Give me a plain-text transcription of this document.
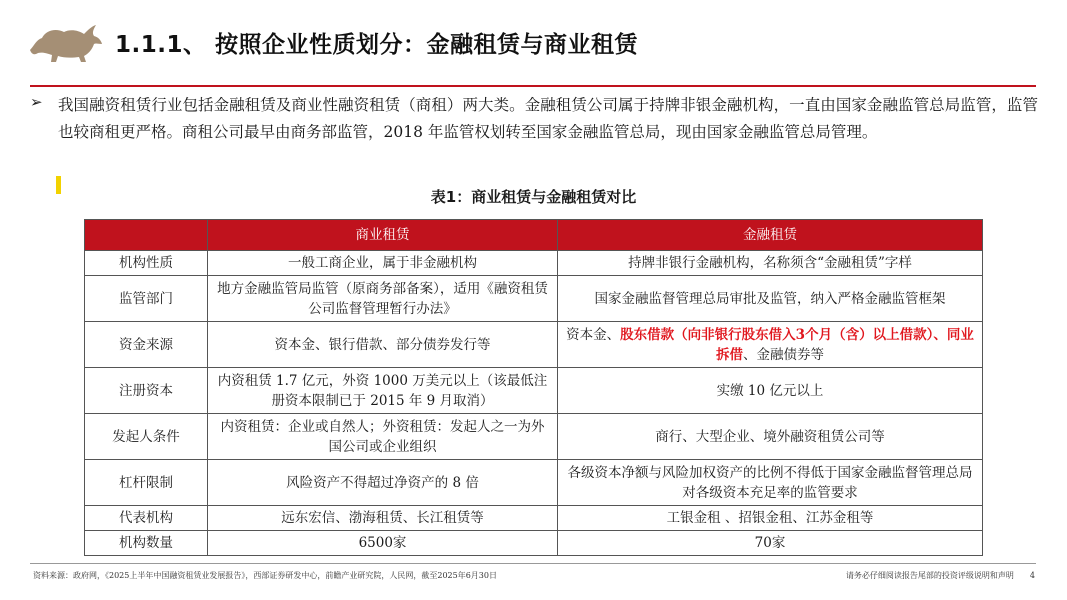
1.1.1、 按照企业性质划分：金融租赁与商业租赁
➢ 我国融资租赁行业包括金融租赁及商业性融资租赁（商租）两大类。金融租赁公司属于持牌非银金融机构，一直由国家金融监管总局监管，监管也较商租更严格。商租公司最早由商务部监管，2018 年监管权划转至国家金融监管总局，现由国家金融监管总局管理。
表1：商业租赁与金融租赁对比
	商业租赁	金融租赁
机构性质	一般工商企业，属于非金融机构	持牌非银行金融机构，名称须含“金融租赁”字样
监管部门	地方金融监管局监管（原商务部备案），适用《融资租赁公司监督管理暂行办法》	国家金融监督管理总局审批及监管，纳入严格金融监管框架
资金来源	资本金、银行借款、部分债券发行等	资本金、股东借款（向非银行股东借入3个月（含）以上借款）、同业拆借、金融债券等
注册资本	内资租赁 1.7 亿元，外资 1000 万美元以上（该最低注册资本限制已于 2015 年 9 月取消）	实缴 10 亿元以上
发起人条件	内资租赁：企业或自然人；外资租赁：发起人之一为外国公司或企业组织	商行、大型企业、境外融资租赁公司等
杠杆限制	风险资产不得超过净资产的 8 倍	各级资本净额与风险加权资产的比例不得低于国家金融监督管理总局对各级资本充足率的监管要求
代表机构	远东宏信、渤海租赁、长江租赁等	工银金租 、招银金租、江苏金租等
机构数量	6500家	70家
资料来源：政府网，《2025上半年中国融资租赁业发展报告》，西部证券研发中心，前瞻产业研究院，人民网，截至2025年6月30日	请务必仔细阅读报告尾部的投资评级说明和声明 4
